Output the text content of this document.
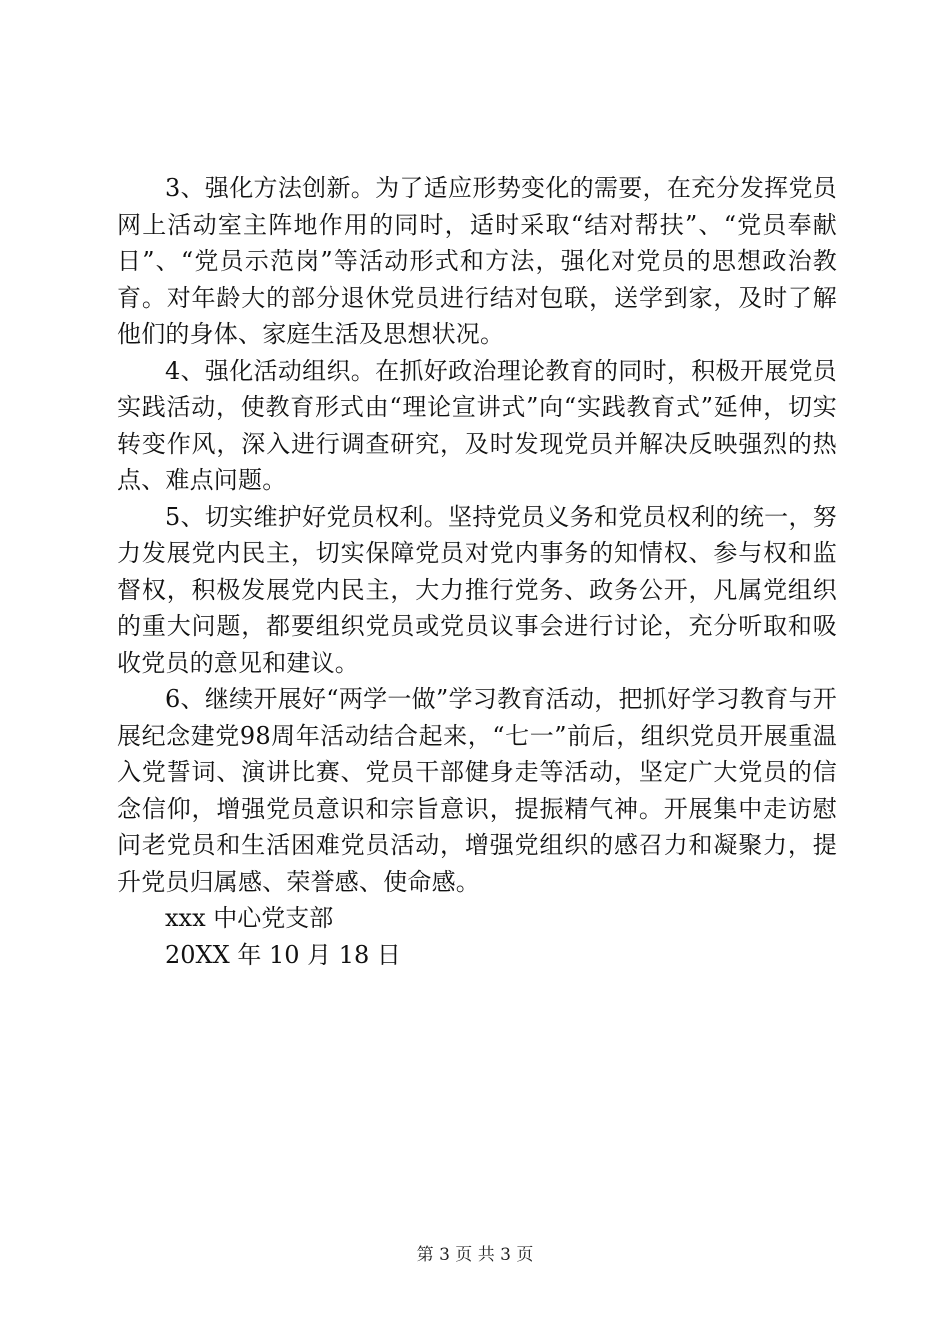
3、强化方法创新。为了适应形势变化的需要，在充分发挥党员网上活动室主阵地作用的同时，适时采取“结对帮扶”、“党员奉献日”、“党员示范岗”等活动形式和方法，强化对党员的思想政治教育。对年龄大的部分退休党员进行结对包联，送学到家，及时了解他们的身体、家庭生活及思想状况。

4、强化活动组织。在抓好政治理论教育的同时，积极开展党员实践活动，使教育形式由“理论宣讲式”向“实践教育式”延伸，切实转变作风，深入进行调查研究，及时发现党员并解决反映强烈的热点、难点问题。

5、切实维护好党员权利。坚持党员义务和党员权利的统一，努力发展党内民主，切实保障党员对党内事务的知情权、参与权和监督权，积极发展党内民主，大力推行党务、政务公开，凡属党组织的重大问题，都要组织党员或党员议事会进行讨论，充分听取和吸收党员的意见和建议。

6、继续开展好“两学一做”学习教育活动，把抓好学习教育与开展纪念建党98周年活动结合起来，“七一”前后，组织党员开展重温入党誓词、演讲比赛、党员干部健身走等活动，坚定广大党员的信念信仰，增强党员意识和宗旨意识，提振精气神。开展集中走访慰问老党员和生活困难党员活动，增强党组织的感召力和凝聚力，提升党员归属感、荣誉感、使命感。

xxx 中心党支部

20XX 年 10 月 18 日

第 3 页 共 3 页
